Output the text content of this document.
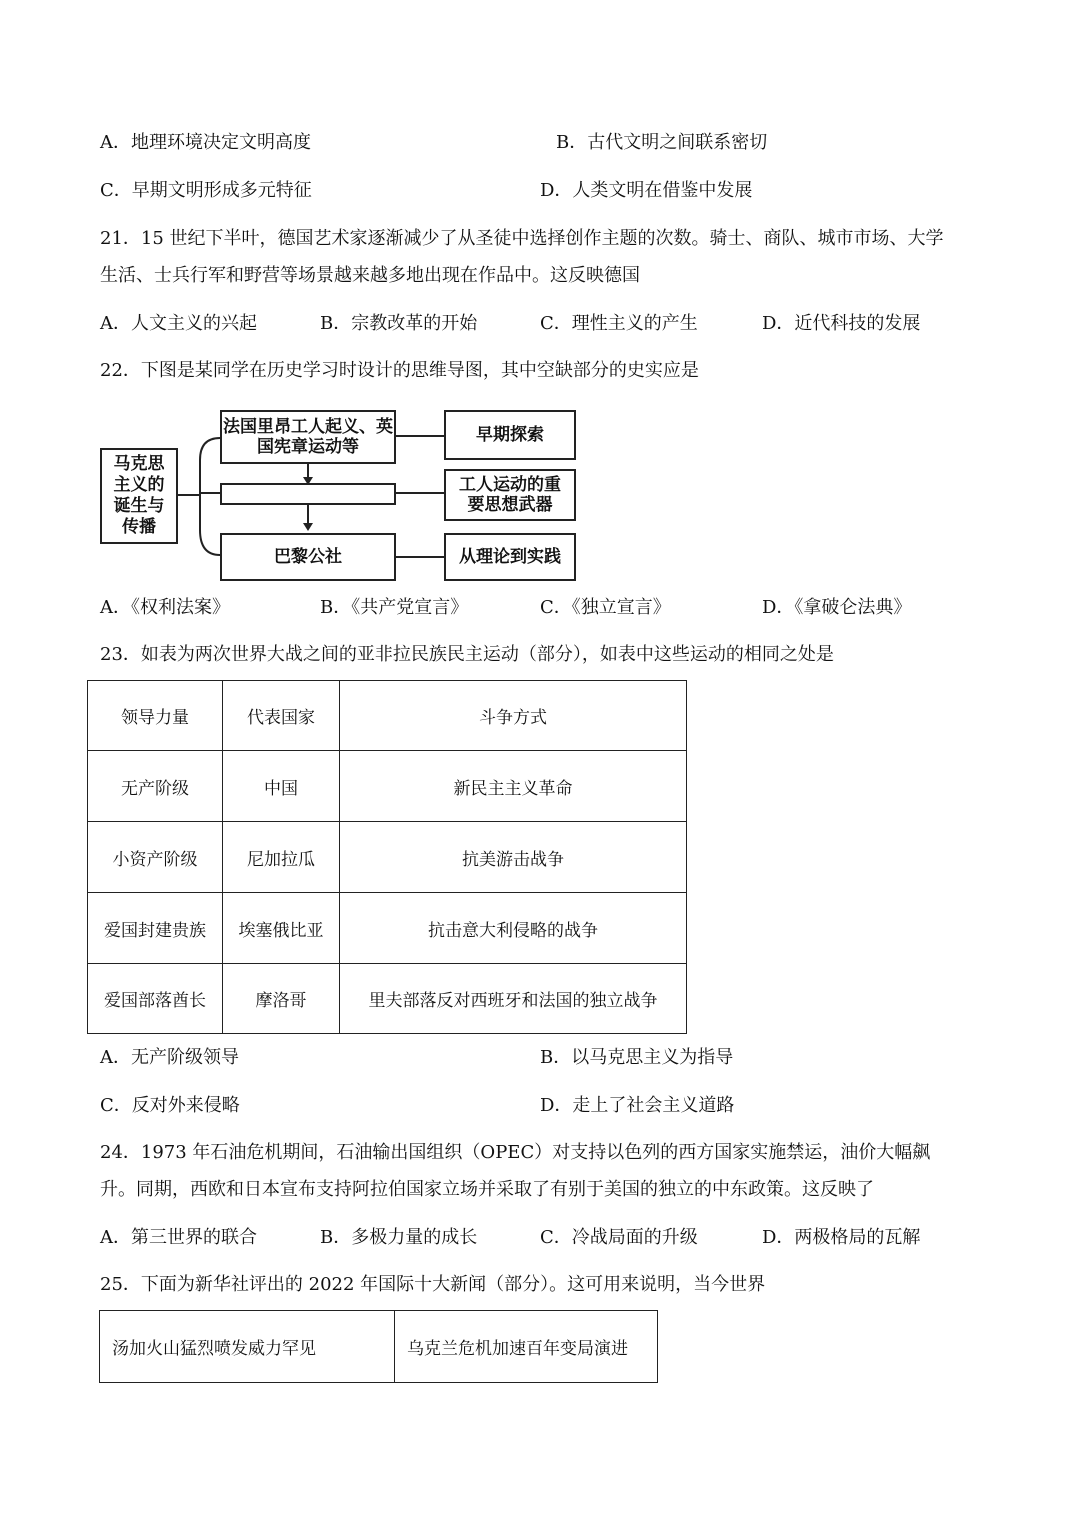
A．地理环境决定文明高度	B．古代文明之间联系密切
C．早期文明形成多元特征	D．人类文明在借鉴中发展
21．15 世纪下半叶，德国艺术家逐渐减少了从圣徒中选择创作主题的次数。骑士、商队、城市市场、大学
生活、士兵行军和野营等场景越来越多地出现在作品中。这反映德国
A．人文主义的兴起	B．宗教改革的开始	C．理性主义的产生	D．近代科技的发展
22．下图是某同学在历史学习时设计的思维导图，其中空缺部分的史实应是
马克思主义的诞生与传播
法国里昂工人起义、英国宪章运动等
巴黎公社
早期探索
工人运动的重要思想武器
从理论到实践
A．《权利法案》	B．《共产党宣言》	C．《独立宣言》	D．《拿破仑法典》
23．如表为两次世界大战之间的亚非拉民族民主运动（部分），如表中这些运动的相同之处是
领导力量	代表国家	斗争方式
无产阶级	中国	新民主主义革命
小资产阶级	尼加拉瓜	抗美游击战争
爱国封建贵族	埃塞俄比亚	抗击意大利侵略的战争
爱国部落酋长	摩洛哥	里夫部落反对西班牙和法国的独立战争
A．无产阶级领导	B．以马克思主义为指导
C．反对外来侵略	D．走上了社会主义道路
24．1973 年石油危机期间，石油输出国组织（OPEC）对支持以色列的西方国家实施禁运，油价大幅飙
升。同期，西欧和日本宣布支持阿拉伯国家立场并采取了有别于美国的独立的中东政策。这反映了
A．第三世界的联合	B．多极力量的成长	C．冷战局面的升级	D．两极格局的瓦解
25．下面为新华社评出的 2022 年国际十大新闻（部分）。这可用来说明，当今世界
汤加火山猛烈喷发威力罕见	乌克兰危机加速百年变局演进
